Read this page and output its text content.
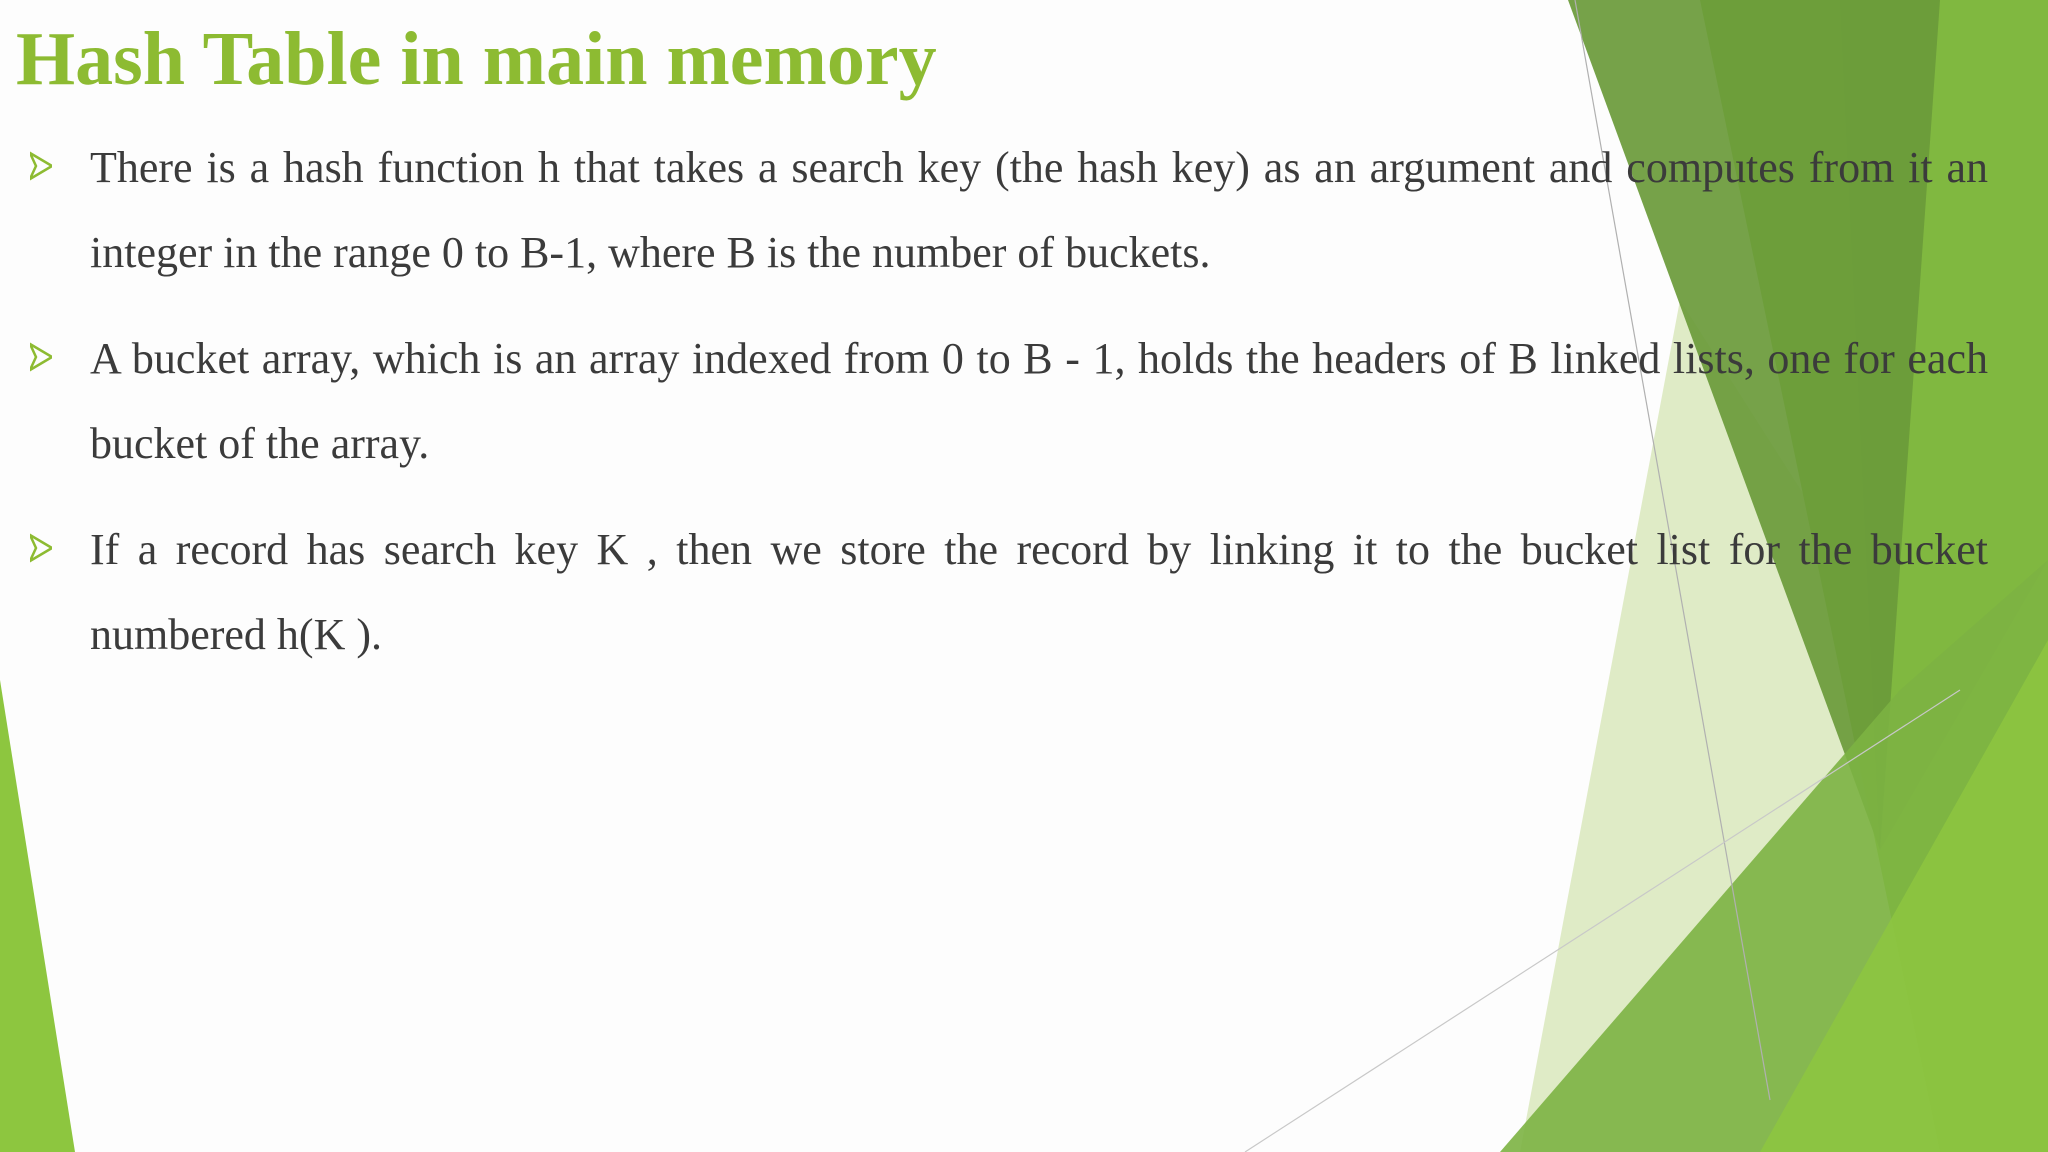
Hash Table in main memory
There is a hash function h that takes a search key (the hash key) as an argument and computes from it an integer in the range 0 to B-1, where B is the number of buckets.
A bucket array, which is an array indexed from 0 to B - 1, holds the headers of B linked lists, one for each bucket of the array.
If a record has search key K , then we store the record by linking it to the bucket list for the bucket numbered h(K ).
